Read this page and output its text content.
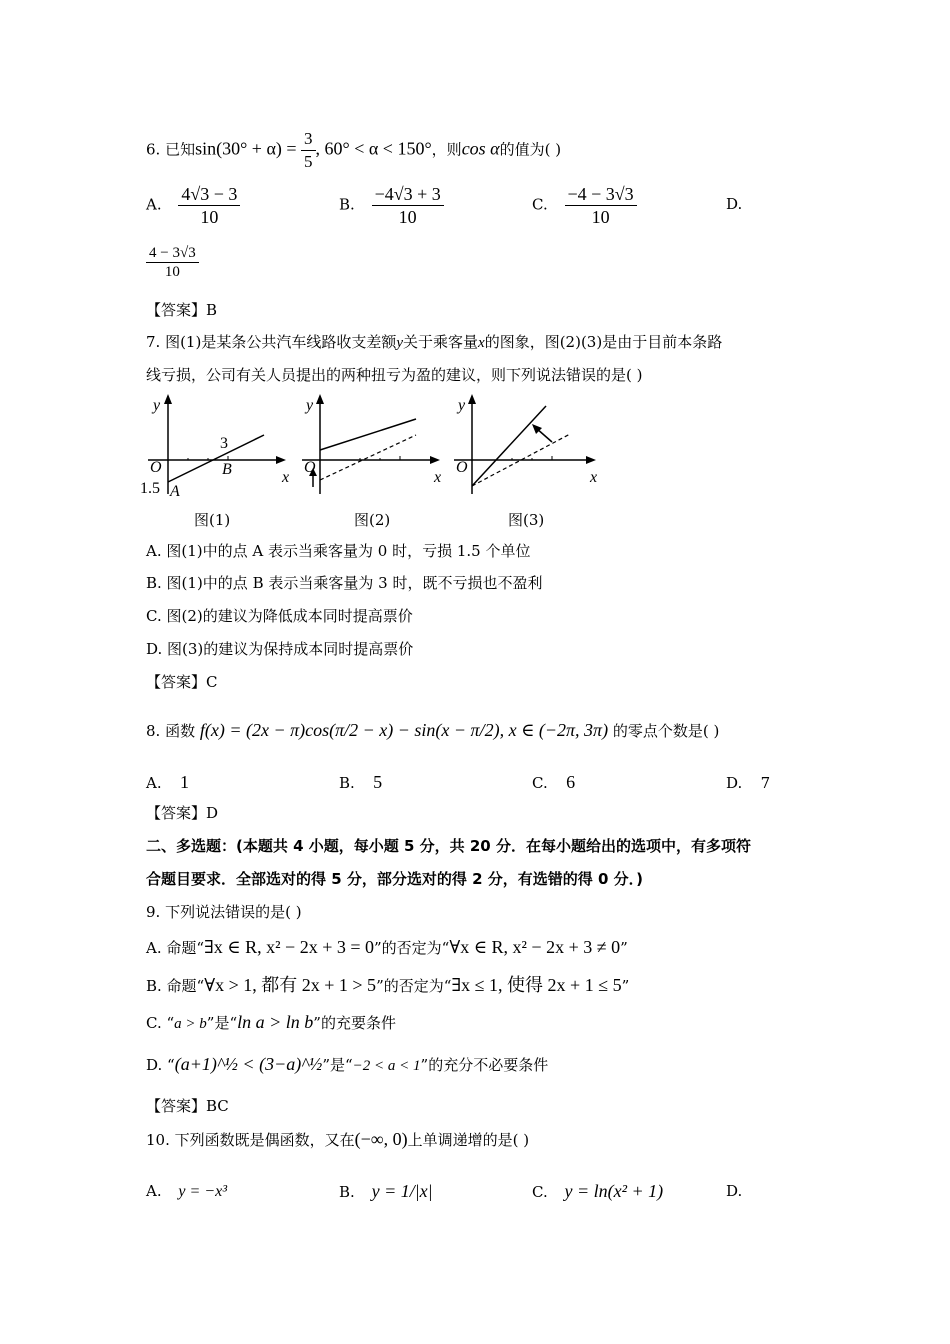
6. 已知$\sin(30^\circ + \alpha) = \frac{3}{5}$ , 60° < α < 150°，则cos α的值为( )
A. $\frac{4√3 - 3}{10}$	B. $\frac{-4√3 + 3}{10}$	C. $\frac{-4 - 3√3}{10}$	D.
$\frac{4 - 3√3}{10}$
【答案】B
7. 图(1)是某条公共汽车线路收支差额y关于乘客量x的图象，图(2)(3)是由于目前本条路
线亏损，公司有关人员提出的两种扭亏为盈的建议，则下列说法错误的是( )
y
x
O
3
B
A
1.5
图(1)
y
x
O
图(2)
y
x
O
图(3)
A. 图(1)中的点 A 表示当乘客量为 0 时，亏损 1.5 个单位
B. 图(1)中的点 B 表示当乘客量为 3 时，既不亏损也不盈利
C. 图(2)的建议为降低成本同时提高票价
D. 图(3)的建议为保持成本同时提高票价
【答案】C
8. 函数 f(x) = (2x − π)cos(π/2 − x) − sin(x − π/2), x ∈ (−2π, 3π) 的零点个数是( )
A. 1	B. 5	C. 6	D. 7
【答案】D
二、多选题：(本题共 4 小题，每小题 5 分，共 20 分．在每小题给出的选项中，有多项符
合题目要求．全部选对的得 5 分，部分选对的得 2 分，有选错的得 0 分．)
9. 下列说法错误的是( )
A. 命题“∃x ∈ R, x² − 2x + 3 = 0”的否定为“∀x ∈ R, x² − 2x + 3 ≠ 0”
B. 命题“∀x > 1, 都有 2x + 1 > 5”的否定为“∃x ≤ 1, 使得 2x + 1 ≤ 5”
C. “a > b”是“ln a > ln b”的充要条件
D. “(a+1)^½ < (3−a)^½”是“−2 < a < 1”的充分不必要条件
【答案】BC
10. 下列函数既是偶函数，又在(−∞, 0)上单调递增的是( )
A. y = −x³	B. y = 1/|x|	C. y = ln(x² + 1)	D.
